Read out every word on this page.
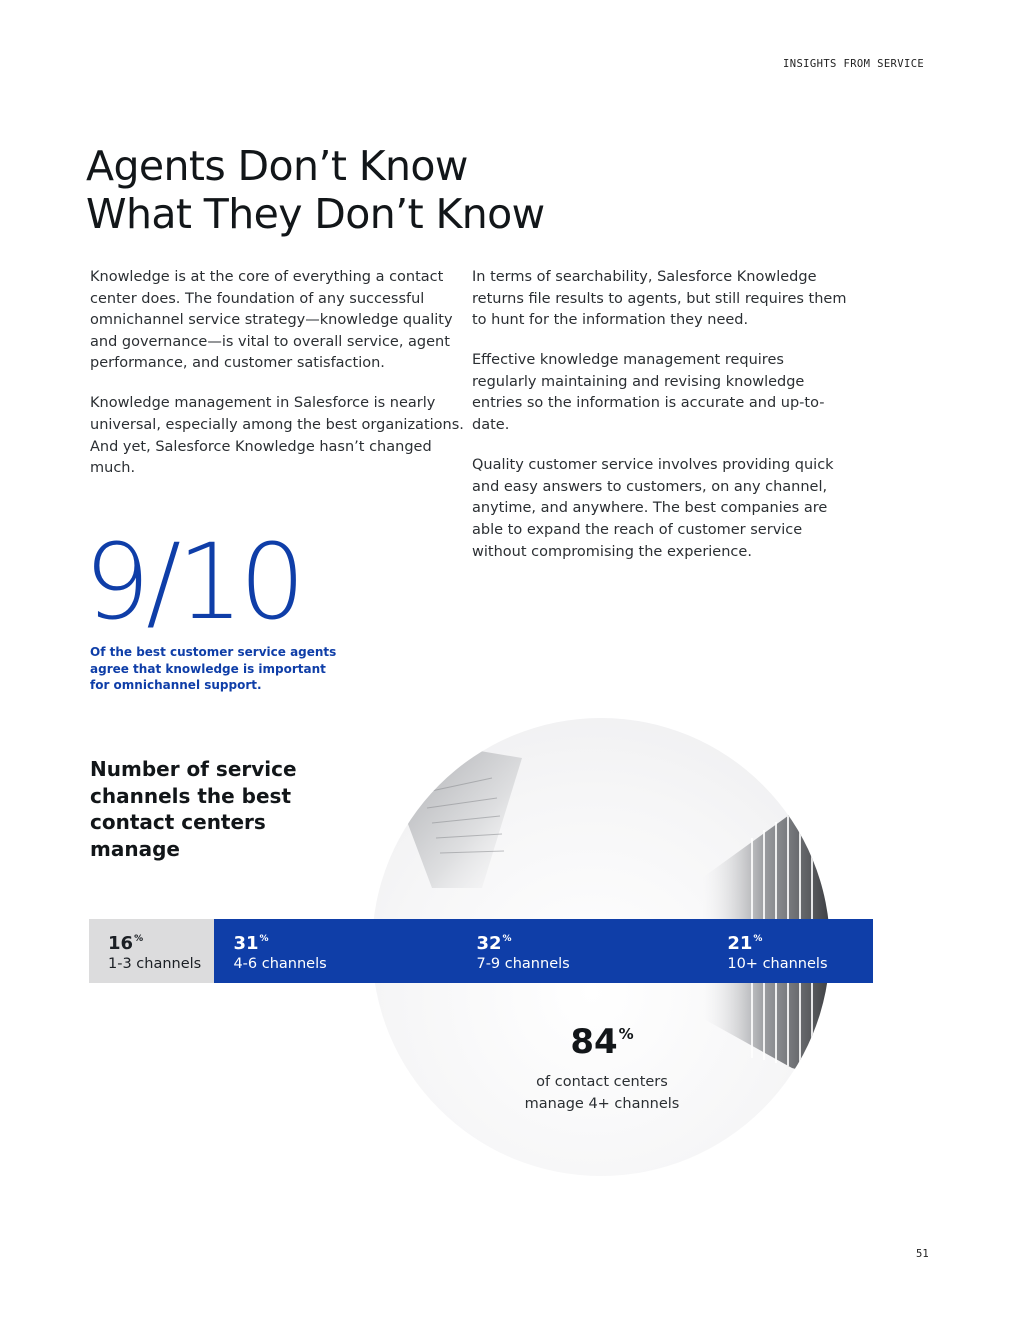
INSIGHTS FROM SERVICE
Agents Don’t Know
What They Don’t Know

Knowledge is at the core of everything a contact center does. The foundation of any successful omnichannel service strategy—knowledge quality and governance—is vital to overall service, agent performance, and customer satisfaction.

Knowledge management in Salesforce is nearly universal, especially among the best organizations. And yet, Salesforce Knowledge hasn’t changed much.

In terms of searchability, Salesforce Knowledge returns file results to agents, but still requires them to hunt for the information they need.

Effective knowledge management requires regularly maintaining and revising knowledge entries so the information is accurate and up-to-date.

Quality customer service involves providing quick and easy answers to customers, on any channel, anytime, and anywhere. The best companies are able to expand the reach of customer service without compromising the experience.

9/10
Of the best customer service agents agree that knowledge is important for omnichannel support.
Number of service channels the best contact centers manage
16%
1-3 channels
31%
4-6 channels
32%
7-9 channels
21%
10+ channels
84%
of contact centers
manage 4+ channels
51
